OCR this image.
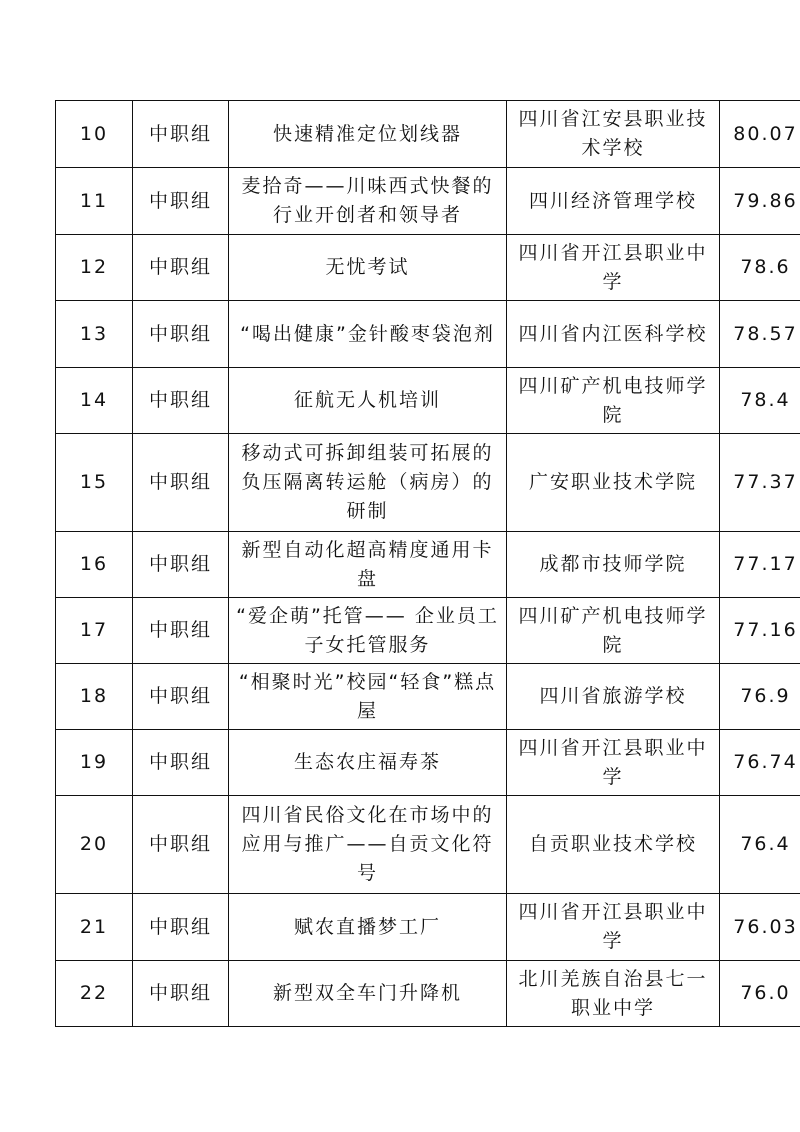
10	中职组	快速精准定位划线器	四川省江安县职业技术学校	80.07
11	中职组	麦拾奇——川味西式快餐的行业开创者和领导者	四川经济管理学校	79.86
12	中职组	无忧考试	四川省开江县职业中学	78.6
13	中职组	“喝出健康”金针酸枣袋泡剂	四川省内江医科学校	78.57
14	中职组	征航无人机培训	四川矿产机电技师学院	78.4
15	中职组	移动式可拆卸组装可拓展的负压隔离转运舱（病房）的研制	广安职业技术学院	77.37
16	中职组	新型自动化超高精度通用卡盘	成都市技师学院	77.17
17	中职组	“爱企萌”托管—— 企业员工子女托管服务	四川矿产机电技师学院	77.16
18	中职组	“相聚时光”校园“轻食”糕点屋	四川省旅游学校	76.9
19	中职组	生态农庄福寿茶	四川省开江县职业中学	76.74
20	中职组	四川省民俗文化在市场中的应用与推广——自贡文化符号	自贡职业技术学校	76.4
21	中职组	赋农直播梦工厂	四川省开江县职业中学	76.03
22	中职组	新型双全车门升降机	北川羌族自治县七一职业中学	76.0
